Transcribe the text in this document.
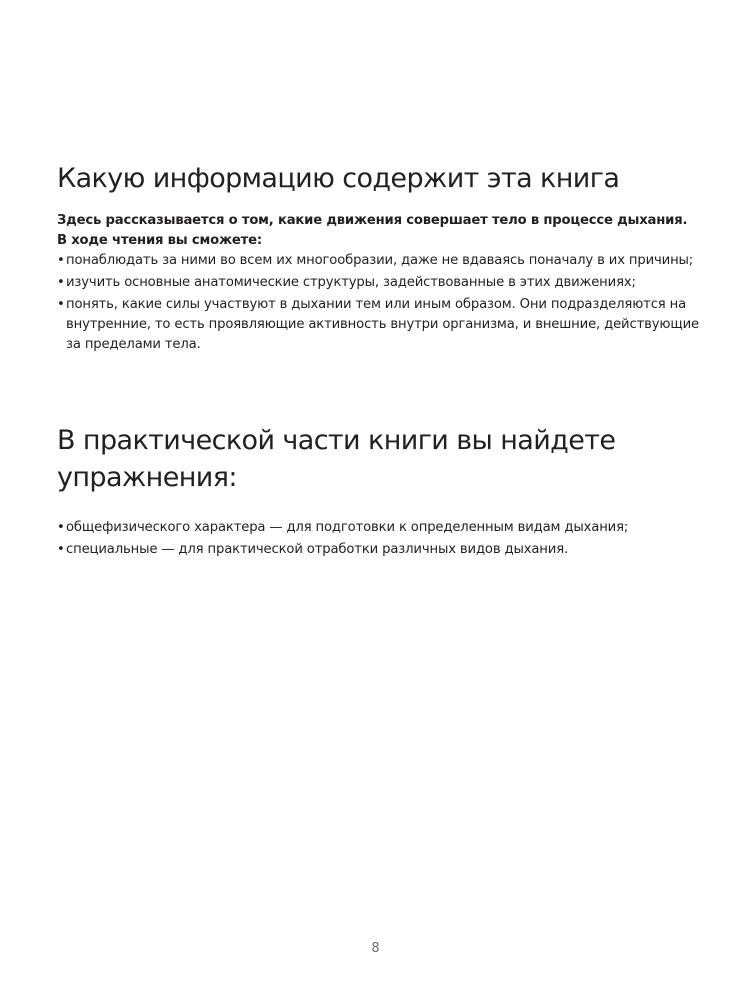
Какую информацию содержит эта книга
Здесь рассказывается о том, какие движения совершает тело в процессе дыхания.
В ходе чтения вы сможете:
• понаблюдать за ними во всем их многообразии, даже не вдаваясь поначалу в их причины;
• изучить основные анатомические структуры, задействованные в этих движениях;
• понять, какие силы участвуют в дыхании тем или иным образом. Они подразделяются на внутренние, то есть проявляющие активность внутри организма, и внешние, действующие за пределами тела.
В практической части книги вы найдете упражнения:
• общефизического характера — для подготовки к определенным видам дыхания;
• специальные — для практической отработки различных видов дыхания.
8
